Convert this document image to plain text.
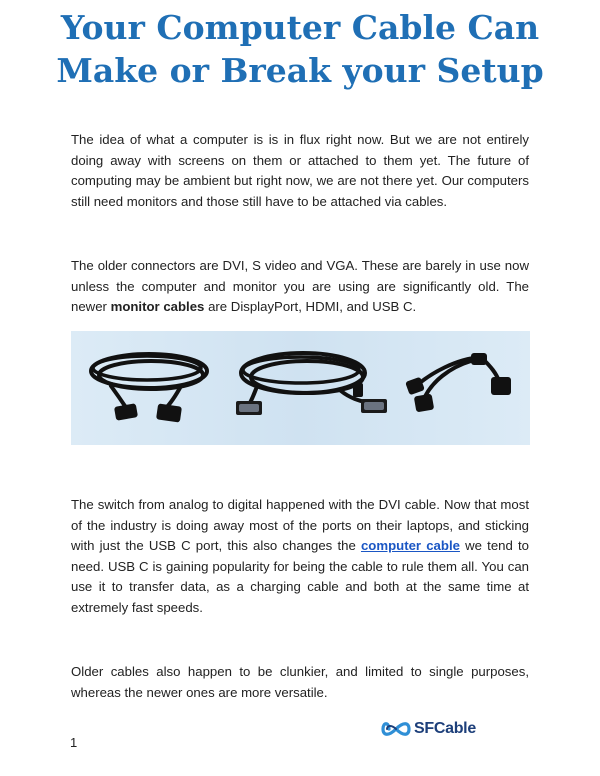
Your Computer Cable Can
Make or Break your Setup

The idea of what a computer is is in flux right now. But we are not entirely doing away with screens on them or attached to them yet. The future of computing may be ambient but right now, we are not there yet. Our computers still need monitors and those still have to be attached via cables.

The older connectors are DVI, S video and VGA. These are barely in use now unless the computer and monitor you are using are significantly old. The newer monitor cables are DisplayPort, HDMI, and USB C.

The switch from analog to digital happened with the DVI cable. Now that most of the industry is doing away most of the ports on their laptops, and sticking with just the USB C port, this also changes the computer cable we tend to need. USB C is gaining popularity for being the cable to rule them all. You can use it to transfer data, as a charging cable and both at the same time at extremely fast speeds.

Older cables also happen to be clunkier, and limited to single purposes, whereas the newer ones are more versatile.

SFCable
1
